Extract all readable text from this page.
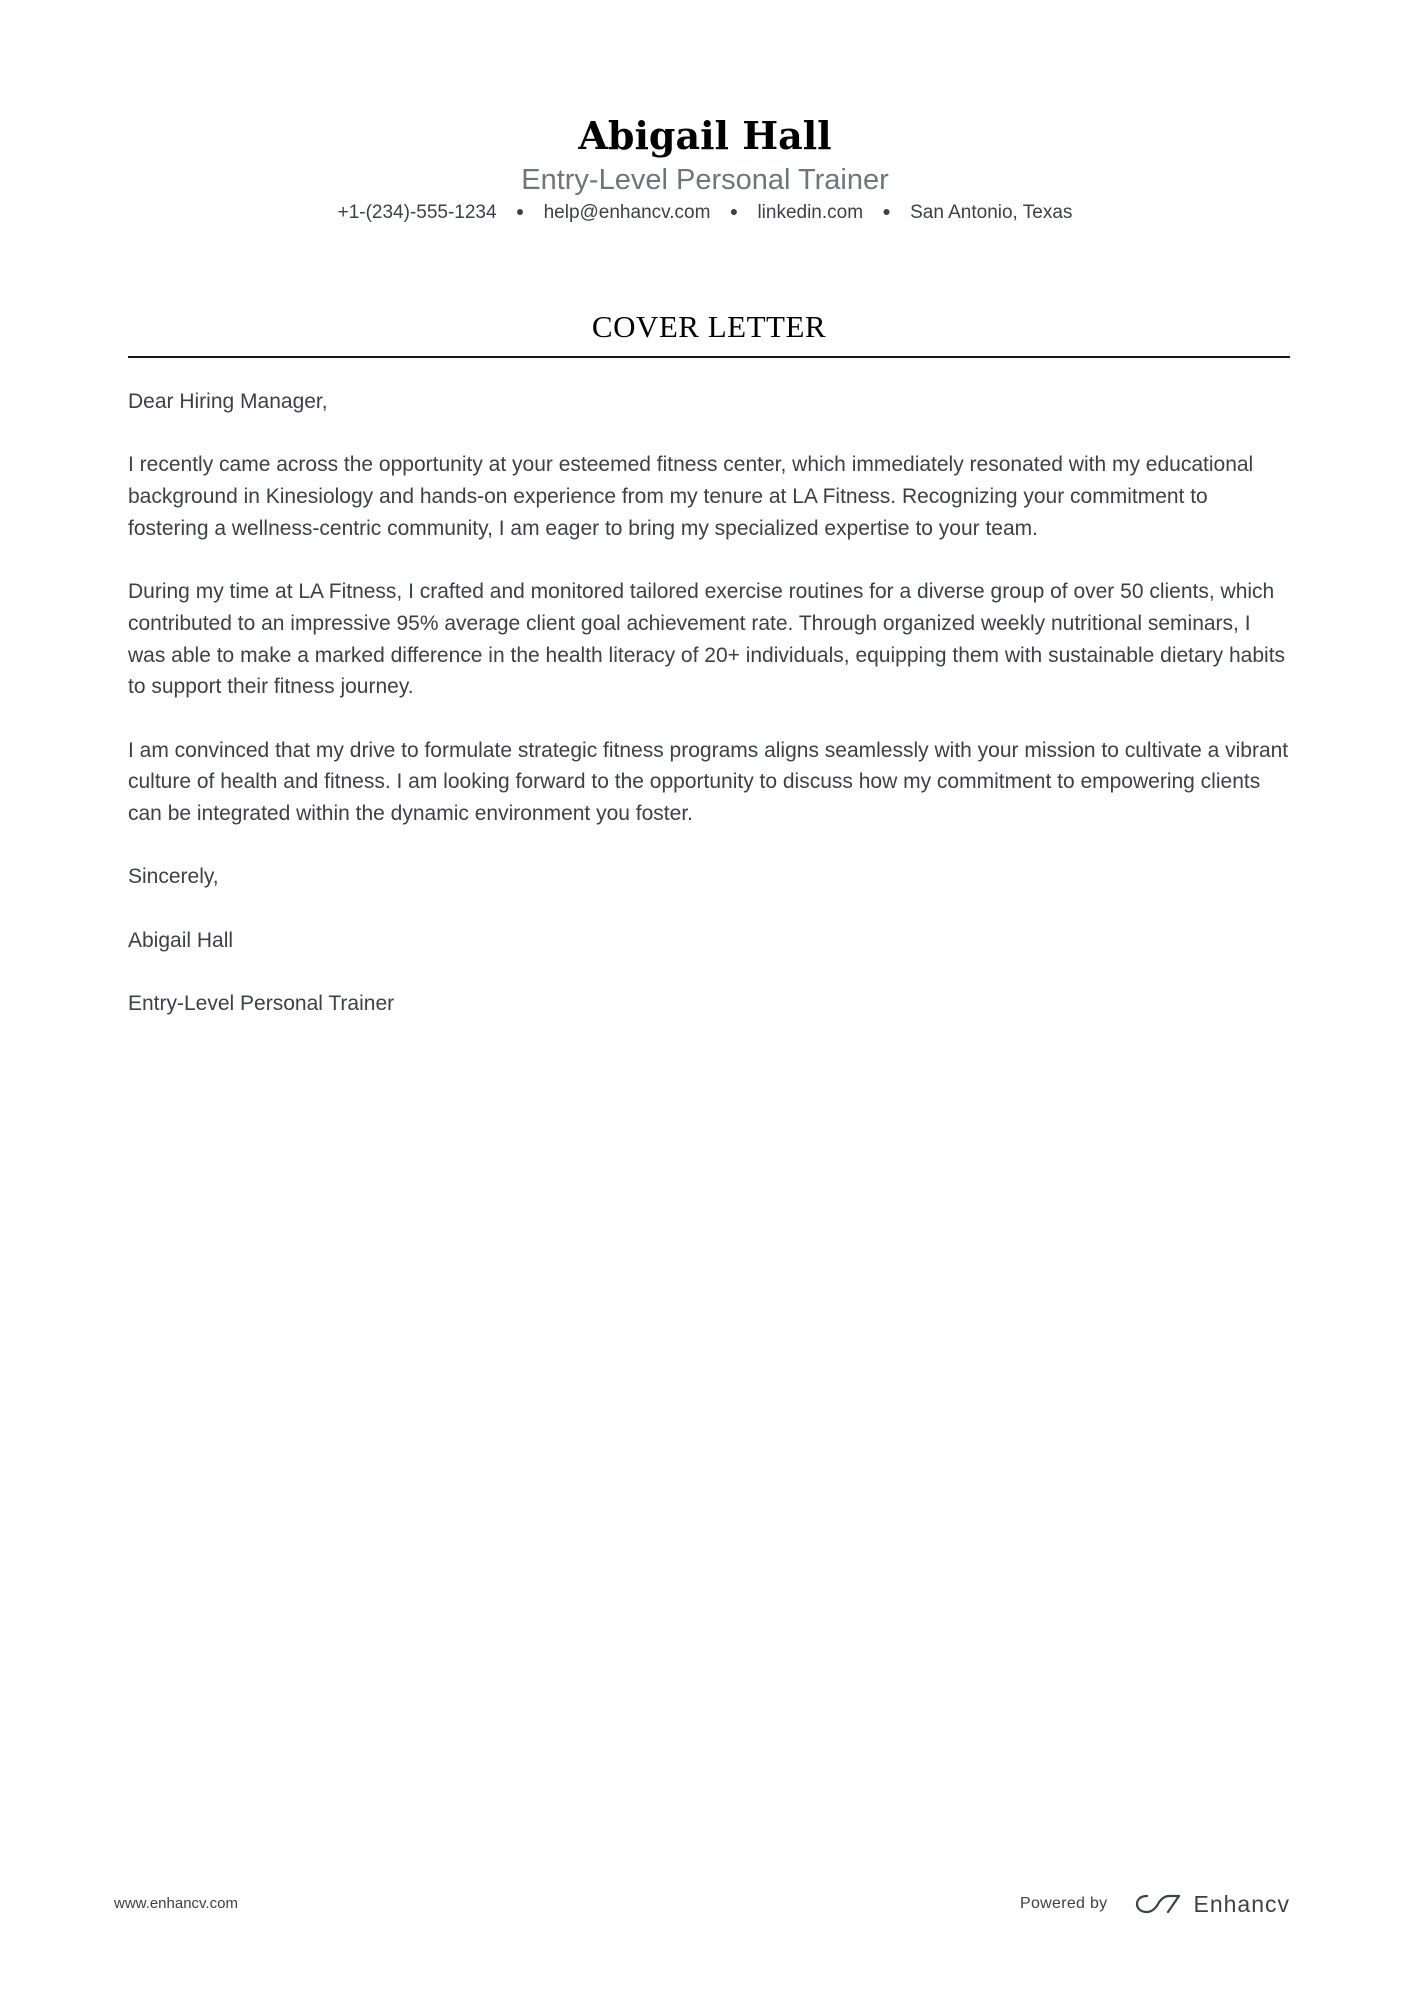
Abigail Hall
Entry-Level Personal Trainer
+1-(234)-555-1234 ● help@enhancv.com ● linkedin.com ● San Antonio, Texas
COVER LETTER

Dear Hiring Manager,

I recently came across the opportunity at your esteemed fitness center, which immediately resonated with my educational background in Kinesiology and hands-on experience from my tenure at LA Fitness. Recognizing your commitment to fostering a wellness-centric community, I am eager to bring my specialized expertise to your team.

During my time at LA Fitness, I crafted and monitored tailored exercise routines for a diverse group of over 50 clients, which contributed to an impressive 95% average client goal achievement rate. Through organized weekly nutritional seminars, I was able to make a marked difference in the health literacy of 20+ individuals, equipping them with sustainable dietary habits to support their fitness journey.

I am convinced that my drive to formulate strategic fitness programs aligns seamlessly with your mission to cultivate a vibrant culture of health and fitness. I am looking forward to the opportunity to discuss how my commitment to empowering clients can be integrated within the dynamic environment you foster.

Sincerely,

Abigail Hall

Entry-Level Personal Trainer

www.enhancv.com	Powered by	Enhancv
